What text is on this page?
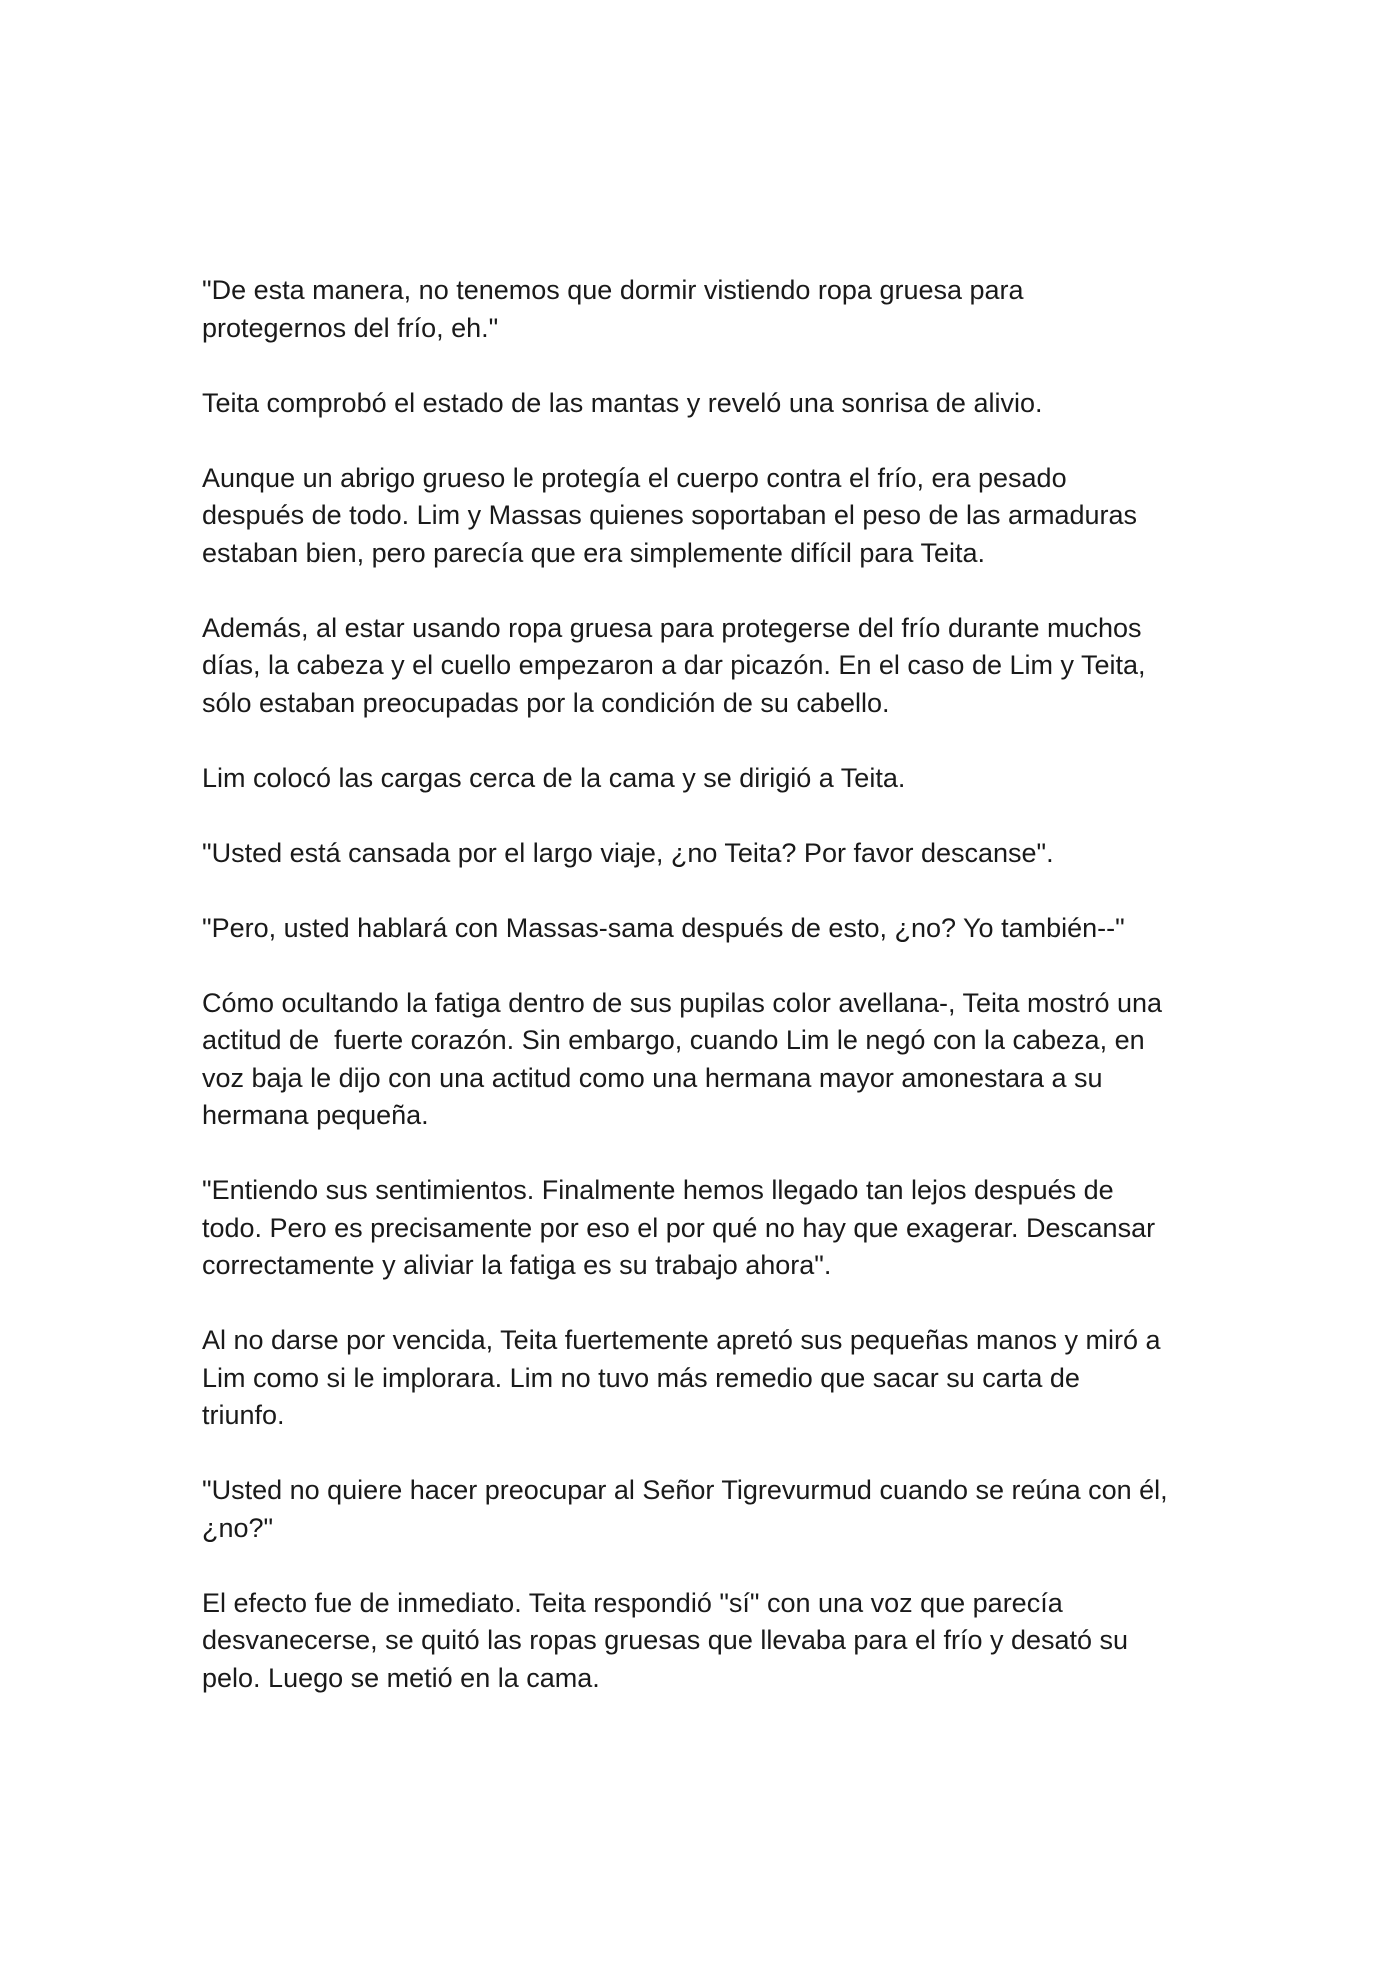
"De esta manera, no tenemos que dormir vistiendo ropa gruesa para
protegernos del frío, eh."

Teita comprobó el estado de las mantas y reveló una sonrisa de alivio.

Aunque un abrigo grueso le protegía el cuerpo contra el frío, era pesado
después de todo. Lim y Massas quienes soportaban el peso de las armaduras
estaban bien, pero parecía que era simplemente difícil para Teita.

Además, al estar usando ropa gruesa para protegerse del frío durante muchos
días, la cabeza y el cuello empezaron a dar picazón. En el caso de Lim y Teita,
sólo estaban preocupadas por la condición de su cabello.

Lim colocó las cargas cerca de la cama y se dirigió a Teita.

"Usted está cansada por el largo viaje, ¿no Teita? Por favor descanse".

"Pero, usted hablará con Massas-sama después de esto, ¿no? Yo también--"

Cómo ocultando la fatiga dentro de sus pupilas color avellana-, Teita mostró una
actitud de  fuerte corazón. Sin embargo, cuando Lim le negó con la cabeza, en
voz baja le dijo con una actitud como una hermana mayor amonestara a su
hermana pequeña.

"Entiendo sus sentimientos. Finalmente hemos llegado tan lejos después de
todo. Pero es precisamente por eso el por qué no hay que exagerar. Descansar
correctamente y aliviar la fatiga es su trabajo ahora".

Al no darse por vencida, Teita fuertemente apretó sus pequeñas manos y miró a
Lim como si le implorara. Lim no tuvo más remedio que sacar su carta de
triunfo.

"Usted no quiere hacer preocupar al Señor Tigrevurmud cuando se reúna con él,
¿no?"

El efecto fue de inmediato. Teita respondió "sí" con una voz que parecía
desvanecerse, se quitó las ropas gruesas que llevaba para el frío y desató su
pelo. Luego se metió en la cama.
